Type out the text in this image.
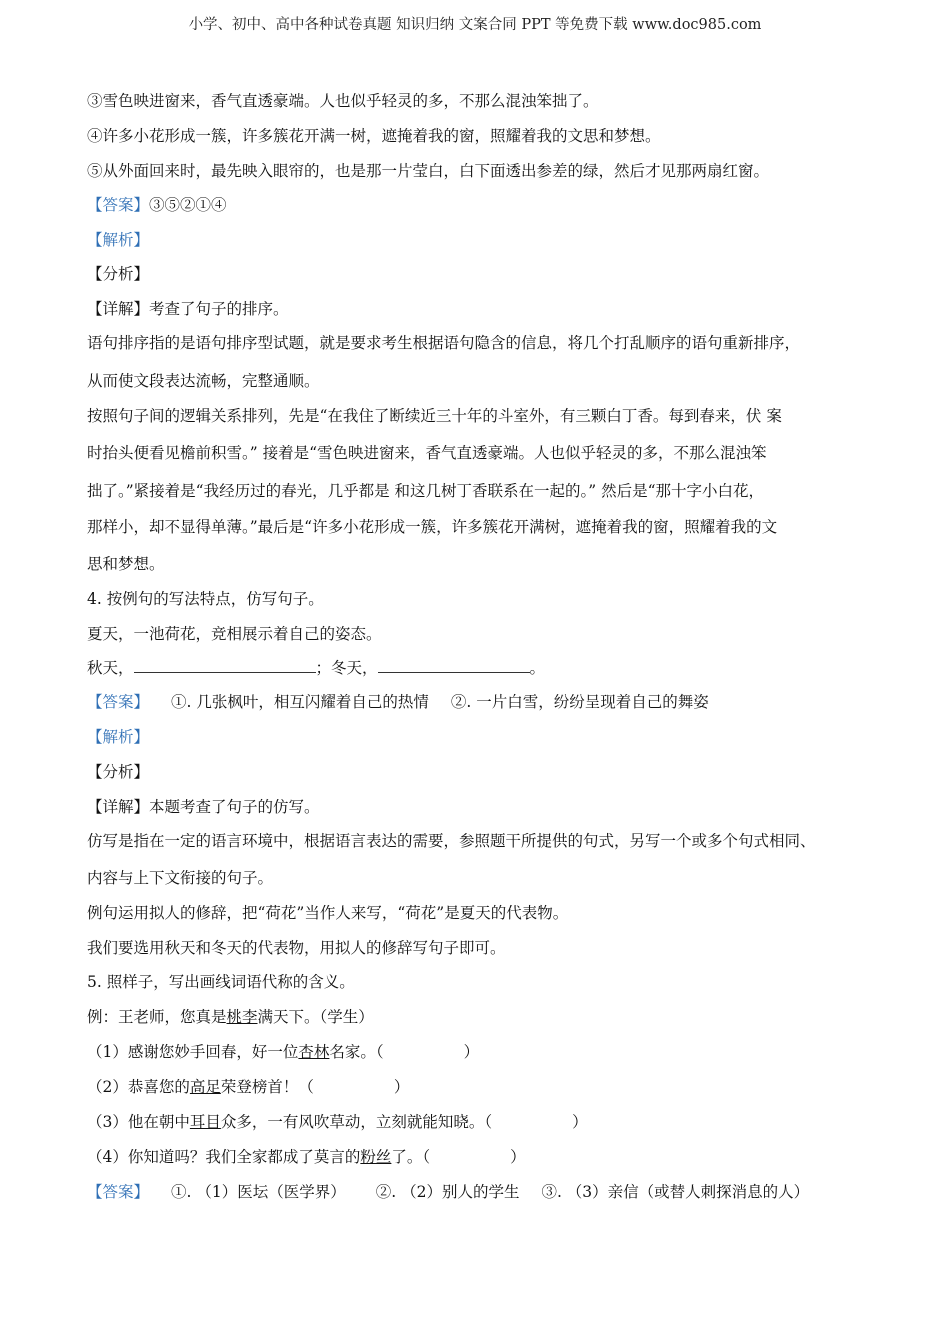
小学、初中、高中各种试卷真题 知识归纳 文案合同 PPT 等免费下载 www.doc985.com
③雪色映进窗来，香气直透豪端。人也似乎轻灵的多，不那么混浊笨拙了。
④许多小花形成一簇，许多簇花开满一树，遮掩着我的窗，照耀着我的文思和梦想。
⑤从外面回来时，最先映入眼帘的，也是那一片莹白，白下面透出参差的绿，然后才见那两扇红窗。
【答案】③⑤②①④
【解析】
【分析】
【详解】考查了句子的排序。
语句排序指的是语句排序型试题，就是要求考生根据语句隐含的信息，将几个打乱顺序的语句重新排序，
从而使文段表达流畅，完整通顺。
按照句子间的逻辑关系排列，先是“在我住了断续近三十年的斗室外，有三颗白丁香。每到春来，伏 案
时抬头便看见檐前积雪。” 接着是“雪色映进窗来，香气直透豪端。人也似乎轻灵的多，不那么混浊笨
拙了。”紧接着是“我经历过的春光，几乎都是 和这几树丁香联系在一起的。” 然后是“那十字小白花，
那样小，却不显得单薄。”最后是“许多小花形成一簇，许多簇花开满树，遮掩着我的窗，照耀着我的文
思和梦想。
4. 按例句的写法特点，仿写句子。
夏天，一池荷花，竞相展示着自己的姿态。
秋天，	；冬天，	。
【答案】 ①. 几张枫叶，相互闪耀着自己的热情 ②. 一片白雪，纷纷呈现着自己的舞姿
【解析】
【分析】
【详解】本题考查了句子的仿写。
仿写是指在一定的语言环境中，根据语言表达的需要，参照题干所提供的句式，另写一个或多个句式相同、
内容与上下文衔接的句子。
例句运用拟人的修辞，把“荷花”当作人来写，“荷花”是夏天的代表物。
我们要选用秋天和冬天的代表物，用拟人的修辞写句子即可。
5. 照样子，写出画线词语代称的含义。
例：王老师，您真是桃李满天下。（学生）
（1）感谢您妙手回春，好一位杏林名家。（	）
（2）恭喜您的高足荣登榜首！（	）
（3）他在朝中耳目众多，一有风吹草动，立刻就能知晓。（	）
（4）你知道吗？我们全家都成了莫言的粉丝了。（	）
【答案】 ①. （1）医坛（医学界） ②. （2）别人的学生 ③. （3）亲信（或替人刺探消息的人）
